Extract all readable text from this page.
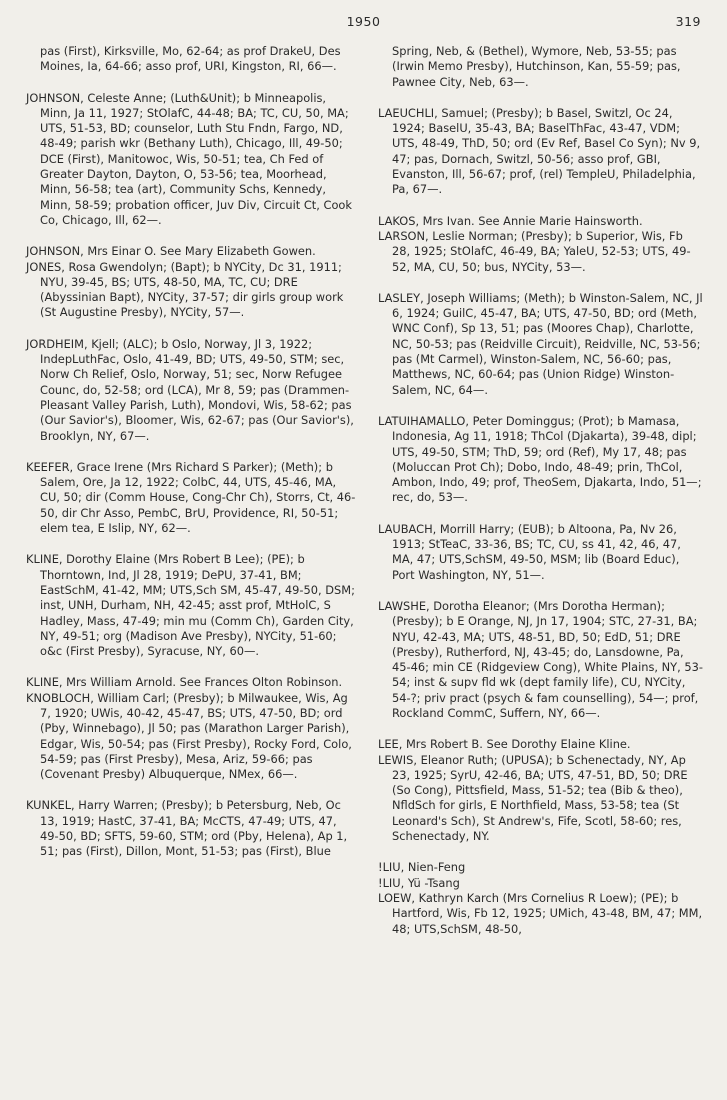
1950	319
pas (First), Kirksville, Mo, 62-64; as prof DrakeU, Des Moines, Ia, 64-66; asso prof, URI, Kingston, RI, 66—.
JOHNSON, Celeste Anne; (Luth&Unit); b Minneapolis, Minn, Ja 11, 1927; StOlafC, 44-48; BA; TC, CU, 50, MA; UTS, 51-53, BD; counselor, Luth Stu Fndn, Fargo, ND, 48-49; parish wkr (Bethany Luth), Chicago, Ill, 49-50; DCE (First), Manitowoc, Wis, 50-51; tea, Ch Fed of Greater Dayton, Dayton, O, 53-56; tea, Moorhead, Minn, 56-58; tea (art), Community Schs, Kennedy, Minn, 58-59; probation officer, Juv Div, Circuit Ct, Cook Co, Chicago, Ill, 62—.
JOHNSON, Mrs Einar O. See Mary Elizabeth Gowen.
JONES, Rosa Gwendolyn; (Bapt); b NYCity, Dc 31, 1911; NYU, 39-45, BS; UTS, 48-50, MA, TC, CU; DRE (Abyssinian Bapt), NYCity, 37-57; dir girls group work (St Augustine Presby), NYCity, 57—.
JORDHEIM, Kjell; (ALC); b Oslo, Norway, Jl 3, 1922; IndepLuthFac, Oslo, 41-49, BD; UTS, 49-50, STM; sec, Norw Ch Relief, Oslo, Norway, 51; sec, Norw Refugee Counc, do, 52-58; ord (LCA), Mr 8, 59; pas (Drammen-Pleasant Valley Parish, Luth), Mondovi, Wis, 58-62; pas (Our Savior's), Bloomer, Wis, 62-67; pas (Our Savior's), Brooklyn, NY, 67—.
KEEFER, Grace Irene (Mrs Richard S Parker); (Meth); b Salem, Ore, Ja 12, 1922; ColbC, 44, UTS, 45-46, MA, CU, 50; dir (Comm House, Cong-Chr Ch), Storrs, Ct, 46-50, dir Chr Asso, PembC, BrU, Providence, RI, 50-51; elem tea, E Islip, NY, 62—.
KLINE, Dorothy Elaine (Mrs Robert B Lee); (PE); b Thorntown, Ind, Jl 28, 1919; DePU, 37-41, BM; EastSchM, 41-42, MM; UTS,Sch SM, 45-47, 49-50, DSM; inst, UNH, Durham, NH, 42-45; asst prof, MtHolC, S Hadley, Mass, 47-49; min mu (Comm Ch), Garden City, NY, 49-51; org (Madison Ave Presby), NYCity, 51-60; o&c (First Presby), Syracuse, NY, 60—.
KLINE, Mrs William Arnold. See Frances Olton Robinson.
KNOBLOCH, William Carl; (Presby); b Milwaukee, Wis, Ag 7, 1920; UWis, 40-42, 45-47, BS; UTS, 47-50, BD; ord (Pby, Winnebago), Jl 50; pas (Marathon Larger Parish), Edgar, Wis, 50-54; pas (First Presby), Rocky Ford, Colo, 54-59; pas (First Presby), Mesa, Ariz, 59-66; pas (Covenant Presby) Albuquerque, NMex, 66—.
KUNKEL, Harry Warren; (Presby); b Petersburg, Neb, Oc 13, 1919; HastC, 37-41, BA; McCTS, 47-49; UTS, 47, 49-50, BD; SFTS, 59-60, STM; ord (Pby, Helena), Ap 1, 51; pas (First), Dillon, Mont, 51-53; pas (First), Blue
Spring, Neb, & (Bethel), Wymore, Neb, 53-55; pas (Irwin Memo Presby), Hutchinson, Kan, 55-59; pas, Pawnee City, Neb, 63—.
LAEUCHLI, Samuel; (Presby); b Basel, Switzl, Oc 24, 1924; BaselU, 35-43, BA; BaselThFac, 43-47, VDM; UTS, 48-49, ThD, 50; ord (Ev Ref, Basel Co Syn); Nv 9, 47; pas, Dornach, Switzl, 50-56; asso prof, GBI, Evanston, Ill, 56-67; prof, (rel) TempleU, Philadelphia, Pa, 67—.
LAKOS, Mrs Ivan. See Annie Marie Hainsworth.
LARSON, Leslie Norman; (Presby); b Superior, Wis, Fb 28, 1925; StOlafC, 46-49, BA; YaleU, 52-53; UTS, 49-52, MA, CU, 50; bus, NYCity, 53—.
LASLEY, Joseph Williams; (Meth); b Winston-Salem, NC, Jl 6, 1924; GuilC, 45-47, BA; UTS, 47-50, BD; ord (Meth, WNC Conf), Sp 13, 51; pas (Moores Chap), Charlotte, NC, 50-53; pas (Reidville Circuit), Reidville, NC, 53-56; pas (Mt Carmel), Winston-Salem, NC, 56-60; pas, Matthews, NC, 60-64; pas (Union Ridge) Winston-Salem, NC, 64—.
LATUIHAMALLO, Peter Dominggus; (Prot); b Mamasa, Indonesia, Ag 11, 1918; ThCol (Djakarta), 39-48, dipl; UTS, 49-50, STM; ThD, 59; ord (Ref), My 17, 48; pas (Moluccan Prot Ch); Dobo, Indo, 48-49; prin, ThCol, Ambon, Indo, 49; prof, TheoSem, Djakarta, Indo, 51—; rec, do, 53—.
LAUBACH, Morrill Harry; (EUB); b Altoona, Pa, Nv 26, 1913; StTeaC, 33-36, BS; TC, CU, ss 41, 42, 46, 47, MA, 47; UTS,SchSM, 49-50, MSM; lib (Board Educ), Port Washington, NY, 51—.
LAWSHE, Dorotha Eleanor; (Mrs Dorotha Herman); (Presby); b E Orange, NJ, Jn 17, 1904; STC, 27-31, BA; NYU, 42-43, MA; UTS, 48-51, BD, 50; EdD, 51; DRE (Presby), Rutherford, NJ, 43-45; do, Lansdowne, Pa, 45-46; min CE (Ridgeview Cong), White Plains, NY, 53-54; inst & supv fld wk (dept family life), CU, NYCity, 54-?; priv pract (psych & fam counselling), 54—; prof, Rockland CommC, Suffern, NY, 66—.
LEE, Mrs Robert B. See Dorothy Elaine Kline.
LEWIS, Eleanor Ruth; (UPUSA); b Schenectady, NY, Ap 23, 1925; SyrU, 42-46, BA; UTS, 47-51, BD, 50; DRE (So Cong), Pittsfield, Mass, 51-52; tea (Bib & theo), NfldSch for girls, E Northfield, Mass, 53-58; tea (St Leonard's Sch), St Andrew's, Fife, Scotl, 58-60; res, Schenectady, NY.
!LIU, Nien-Feng
!LIU, Yü -Tsang
LOEW, Kathryn Karch (Mrs Cornelius R Loew); (PE); b Hartford, Wis, Fb 12, 1925; UMich, 43-48, BM, 47; MM, 48; UTS,SchSM, 48-50,
